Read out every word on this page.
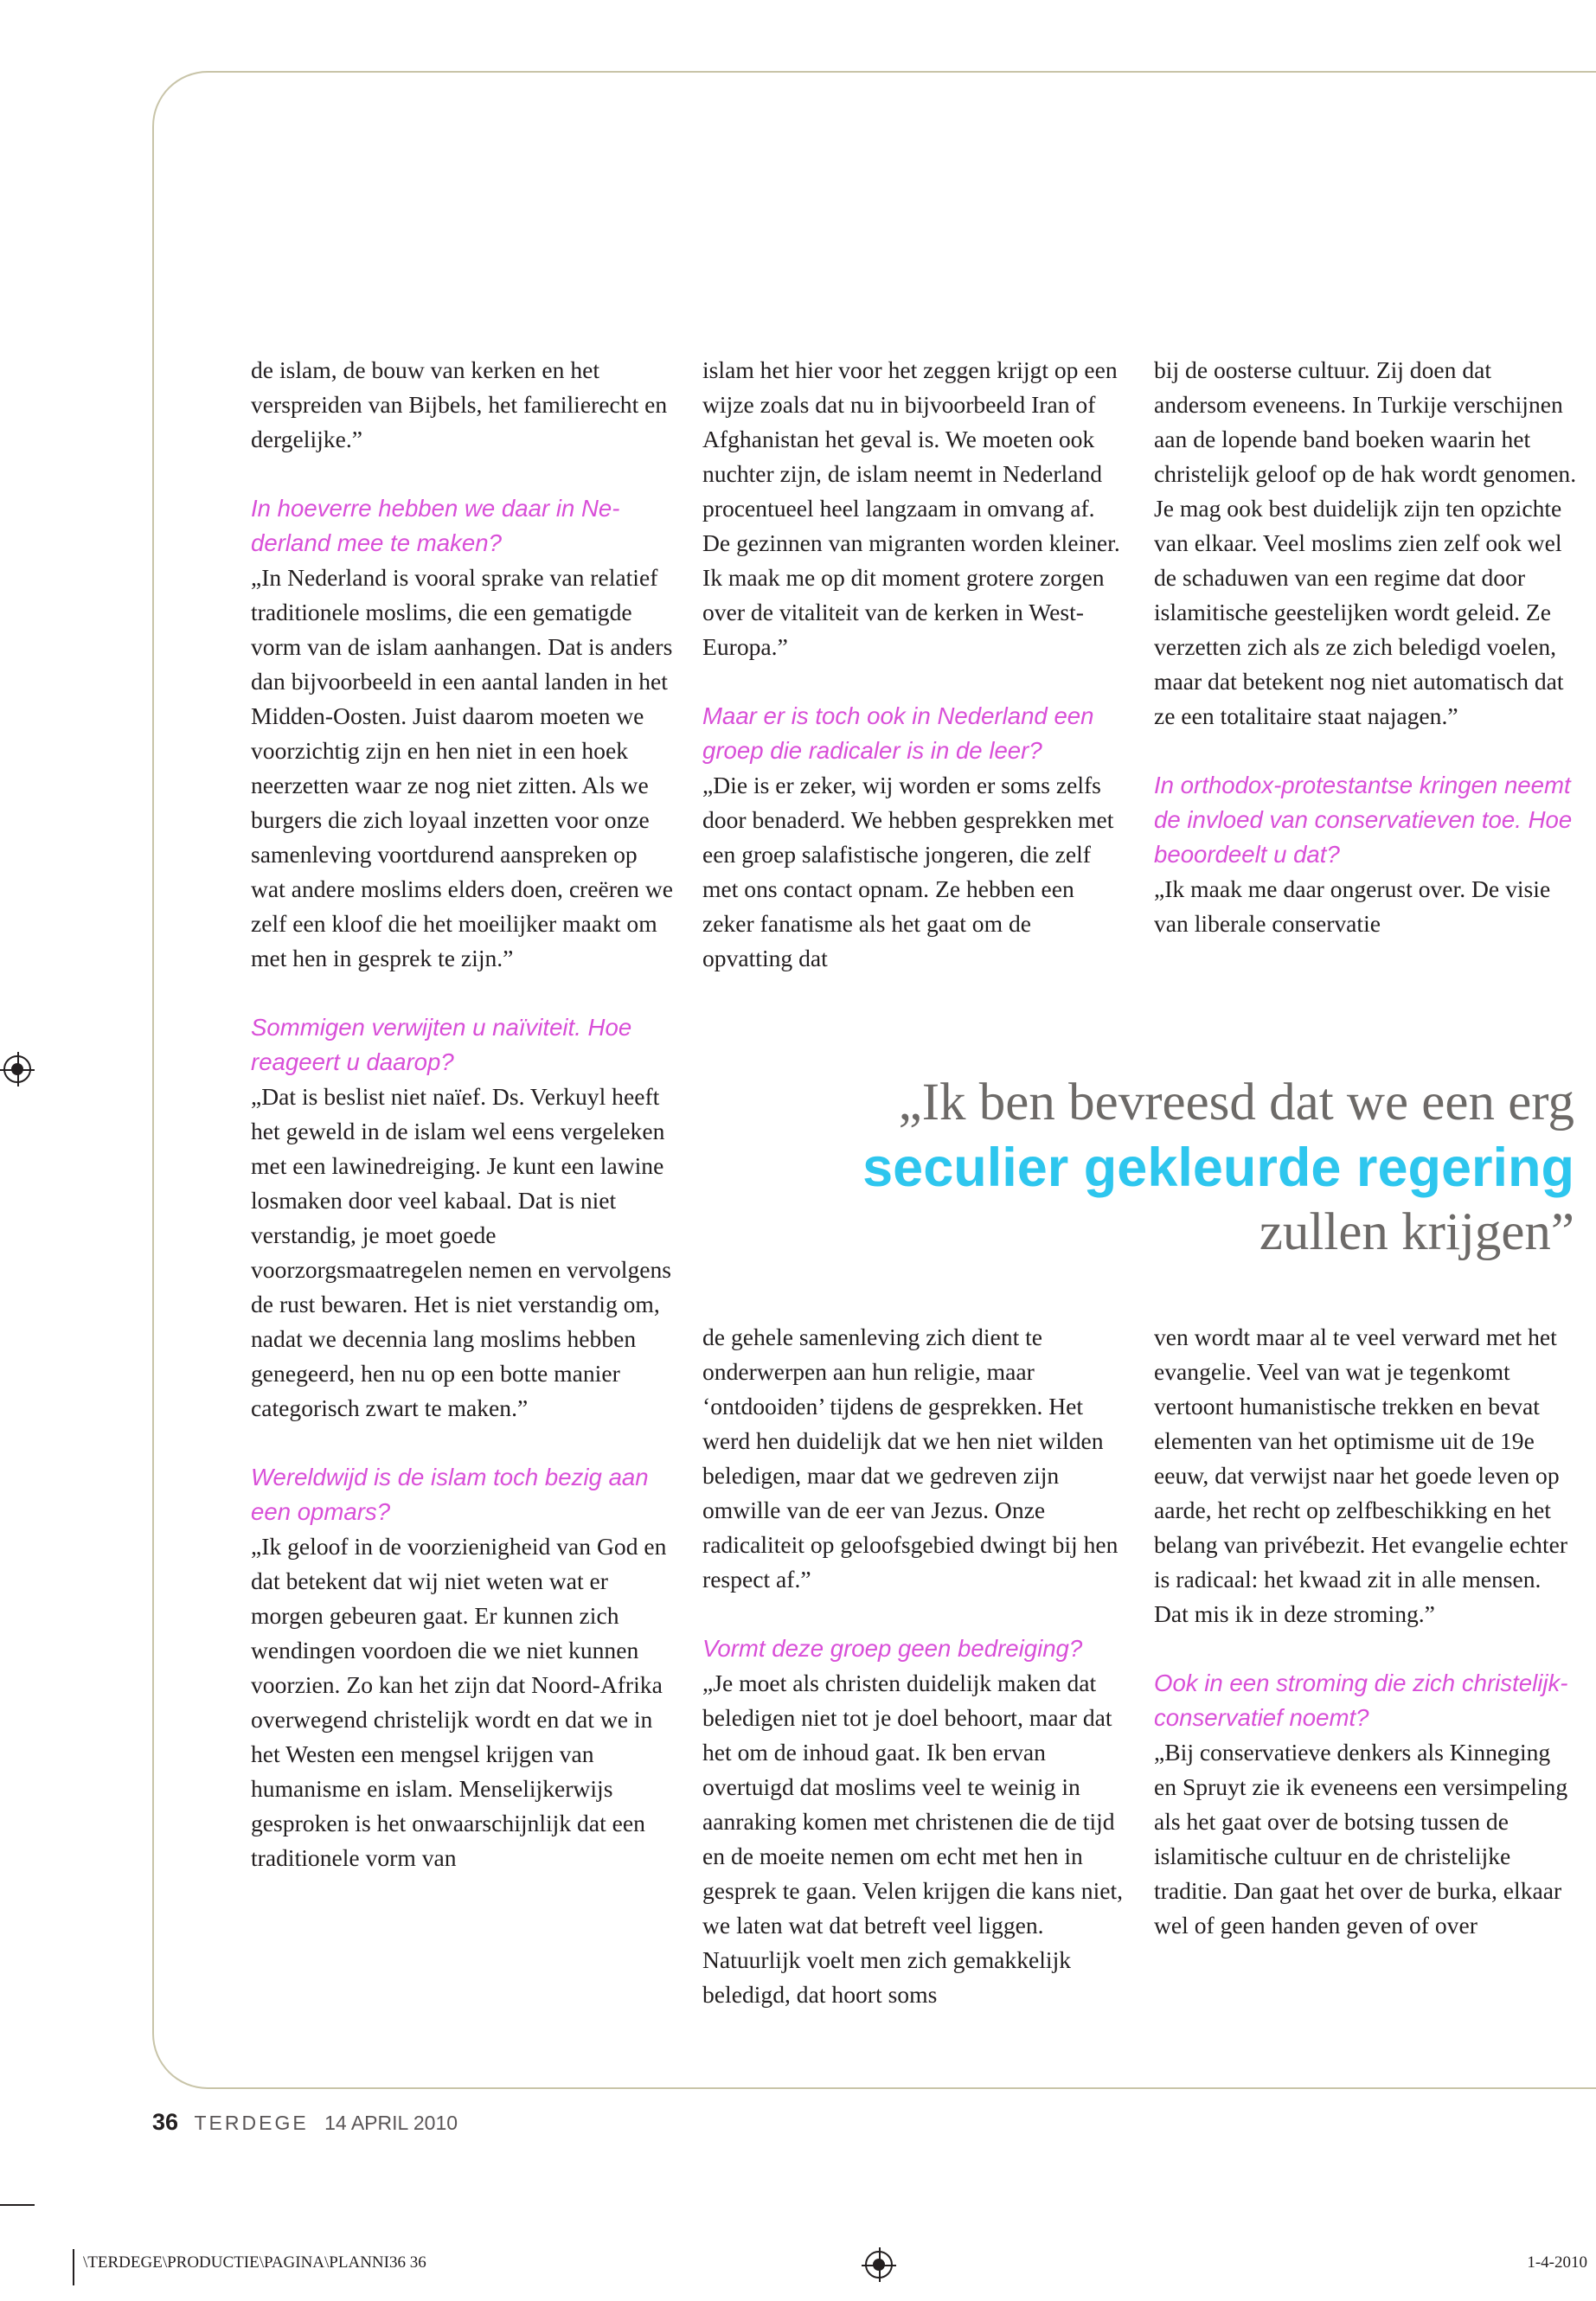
de islam, de bouw van kerken en het verspreiden van Bijbels, het familierecht en dergelijke.”

In hoeverre hebben we daar in Nederland mee te maken?

„In Nederland is vooral sprake van relatief traditionele moslims, die een gematigde vorm van de islam aanhangen. Dat is anders dan bijvoorbeeld in een aantal landen in het Midden-Oosten. Juist daarom moeten we voorzichtig zijn en hen niet in een hoek neerzetten waar ze nog niet zitten. Als we burgers die zich loyaal inzetten voor onze samenleving voortdurend aanspreken op wat andere moslims elders doen, creëren we zelf een kloof die het moeilijker maakt om met hen in gesprek te zijn.”

Sommigen verwijten u naïviteit. Hoe reageert u daarop?

„Dat is beslist niet naïef. Ds. Verkuyl heeft het geweld in de islam wel eens vergeleken met een lawinedreiging. Je kunt een lawine losmaken door veel kabaal. Dat is niet verstandig, je moet goede voorzorgsmaatregelen nemen en vervolgens de rust bewaren. Het is niet verstandig om, nadat we decennia lang moslims hebben genegeerd, hen nu op een botte manier categorisch zwart te maken.”

Wereldwijd is de islam toch bezig aan een opmars?

„Ik geloof in de voorzienigheid van God en dat betekent dat wij niet weten wat er morgen gebeuren gaat. Er kunnen zich wendingen voordoen die we niet kunnen voorzien. Zo kan het zijn dat Noord-Afrika overwegend christelijk wordt en dat we in het Westen een mengsel krijgen van humanisme en islam. Menselijkerwijs gesproken is het onwaarschijnlijk dat een traditionele vorm van

islam het hier voor het zeggen krijgt op een wijze zoals dat nu in bijvoorbeeld Iran of Afghanistan het geval is. We moeten ook nuchter zijn, de islam neemt in Nederland procentueel heel langzaam in omvang af. De gezinnen van migranten worden kleiner. Ik maak me op dit moment grotere zorgen over de vitaliteit van de kerken in West-Europa.”

Maar er is toch ook in Nederland een groep die radicaler is in de leer?

„Die is er zeker, wij worden er soms zelfs door benaderd. We hebben gesprekken met een groep salafistische jongeren, die zelf met ons contact opnam. Ze hebben een zeker fanatisme als het gaat om de opvatting dat

bij de oosterse cultuur. Zij doen dat andersom eveneens. In Turkije verschijnen aan de lopende band boeken waarin het christelijk geloof op de hak wordt genomen. Je mag ook best duidelijk zijn ten opzichte van elkaar. Veel moslims zien zelf ook wel de schaduwen van een regime dat door islamitische geestelijken wordt geleid. Ze verzetten zich als ze zich beledigd voelen, maar dat betekent nog niet automatisch dat ze een totalitaire staat najagen.”

In orthodox-protestantse kringen neemt de invloed van conservatieven toe. Hoe beoordeelt u dat?

„Ik maak me daar ongerust over. De visie van liberale conservatie

„Ik ben bevreesd dat we een erg
seculier gekleurde regering
zullen krijgen”

de gehele samenleving zich dient te onderwerpen aan hun religie, maar ‘ontdooiden’ tijdens de gesprekken. Het werd hen duidelijk dat we hen niet wilden beledigen, maar dat we gedreven zijn omwille van de eer van Jezus. Onze radicaliteit op geloofsgebied dwingt bij hen respect af.”

Vormt deze groep geen bedreiging?

„Je moet als christen duidelijk maken dat beledigen niet tot je doel behoort, maar dat het om de inhoud gaat. Ik ben ervan overtuigd dat moslims veel te weinig in aanraking komen met christenen die de tijd en de moeite nemen om echt met hen in gesprek te gaan. Velen krijgen die kans niet, we laten wat dat betreft veel liggen. Natuurlijk voelt men zich gemakkelijk beledigd, dat hoort soms

ven wordt maar al te veel verward met het evangelie. Veel van wat je tegenkomt vertoont humanistische trekken en bevat elementen van het optimisme uit de 19e eeuw, dat verwijst naar het goede leven op aarde, het recht op zelfbeschikking en het belang van privébezit. Het evangelie echter is radicaal: het kwaad zit in alle mensen. Dat mis ik in deze stroming.”

Ook in een stroming die zich christelijk-conservatief noemt?

„Bij conservatieve denkers als Kinneging en Spruyt zie ik eveneens een versimpeling als het gaat over de botsing tussen de islamitische cultuur en de christelijke traditie. Dan gaat het over de burka, elkaar wel of geen handen geven of over

36 TERDEGE 14 APRIL 2010
\TERDEGE\PRODUCTIE\PAGINA\PLANNI36 36	1-4-2010
